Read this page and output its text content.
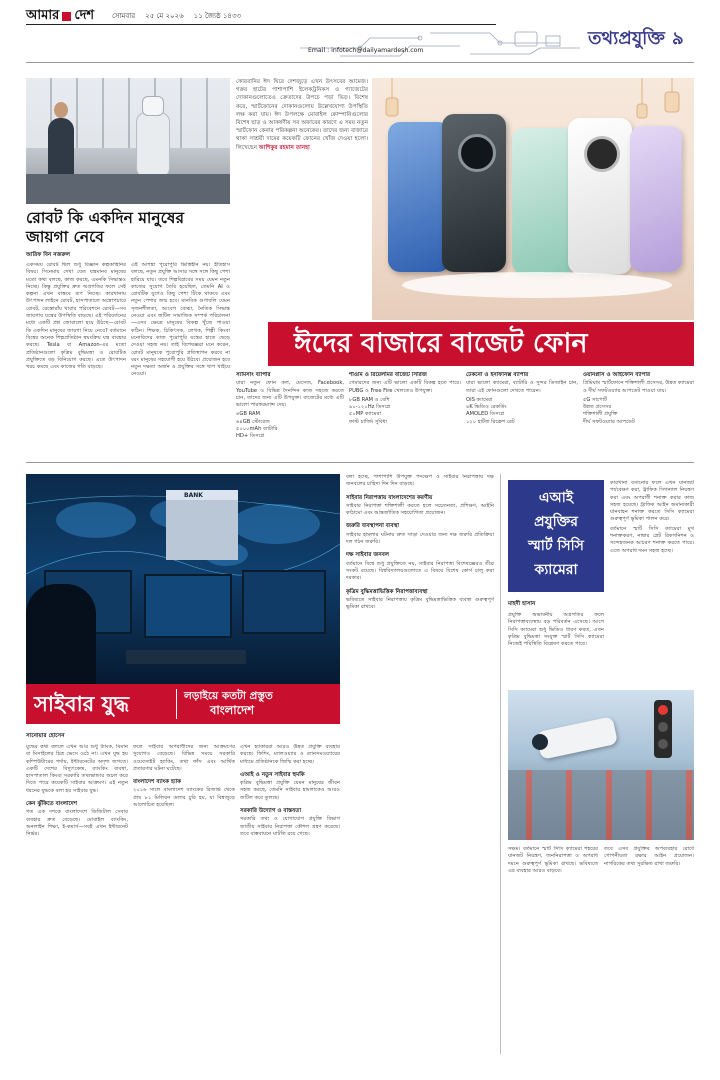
আমার দেশ	সোমবার ২৫ মে ২০২৬ ১১ জ্যৈষ্ঠ ১৪৩৩
Email : infotech@dailyamardesh.com
তথ্যপ্রযুক্তি ৯
রোবট কি একদিন মানুষের জায়গা নেবে
আরিফ বিন নজরুল
একসময় রোবট ছিল শুধু বিজ্ঞান কল্পকাহিনির বিষয়। সিনেমায় দেখা যেত যন্ত্রমানব মানুষের মতো কথা বলছে, কাজ করছে, এমনকি সিদ্ধান্তও নিচ্ছে। কিন্তু প্রযুক্তির দ্রুত অগ্রগতির ফলে সেই কল্পনা এখন বাস্তবে রূপ নিচ্ছে। কারখানায় উৎপাদন লাইনে রোবট, হাসপাতালে অস্ত্রোপচারে রোবট, রেস্তোরাঁয় খাবার পরিবেশনে রোবট—সব জায়গায় যন্ত্রের উপস্থিতি বাড়ছে। এই পরিবর্তনের মধ্যে একটি প্রশ্ন জোরালো হয়ে উঠছে—রোবট কি একদিন মানুষের জায়গা নিয়ে নেবে? বর্তমানে বিশ্বের অনেক শিল্পপ্রতিষ্ঠান স্বয়ংক্রিয় যন্ত্র ব্যবহার করছে। Tesla বা Amazon-এর মতো প্রতিষ্ঠানগুলো কৃত্রিম বুদ্ধিমত্তা ও রোবটিক প্রযুক্তিতে বড় বিনিয়োগ করছে। এতে উৎপাদন খরচ কমছে এবং কাজের গতি বাড়ছে।
এই আশঙ্কা পুরোপুরি ভিত্তিহীন নয়। ইতিহাস বলছে, নতুন প্রযুক্তি আসার সঙ্গে সঙ্গে কিছু পেশা হারিয়ে যায়। তবে শিল্পবিপ্লবের সময় যেমন নতুন কাজের সুযোগ তৈরি হয়েছিল, তেমনি AI ও রোবটিক যুগেও কিছু পেশা টিকে থাকবে এবং নতুন পেশার জন্ম হবে। মানবিক গুণাবলি যেমন সৃজনশীলতা, আবেগ বোঝা, নৈতিক সিদ্ধান্ত নেওয়া এবং জটিল সামাজিক সম্পর্ক পরিচালনা—এসব ক্ষেত্রে মানুষের বিকল্প খুঁজে পাওয়া কঠিন। শিক্ষক, চিকিৎসক, লেখক, শিল্পী কিংবা মনোবিদের কাজ পুরোপুরি যন্ত্রের হাতে ছেড়ে দেওয়া সহজ নয়। তাই বিশেষজ্ঞরা মনে করেন, রোবট মানুষকে পুরোপুরি প্রতিস্থাপন করবে না বরং মানুষের সহযোগী হয়ে উঠবে। প্রয়োজন হবে নতুন দক্ষতা অর্জন ও প্রযুক্তির সঙ্গে খাপ খাইয়ে নেওয়া।
কোরবানির ঈদ ঘিরে দেশজুড়ে এখন উৎসবের আমেজ। গরুর হাটের পাশাপাশি ইলেকট্রনিকস ও গ্যাজেটের দোকানগুলোতেও ক্রেতাদের উপচে পড়া ভিড়। বিশেষ করে, স্মার্টফোনের দোকানগুলোয় উল্লেখযোগ্য উপস্থিতি লক্ষ করা যায়। ঈদ উপলক্ষে মোবাইল কোম্পানিগুলোর বিশেষ ছাড় ও আকর্ষণীয় সব অফারের কারণে এ সময় নতুন স্মার্টফোন কেনার পরিকল্পনা অনেকের। তাদের জন্য বাজারে থাকা সাশ্রয়ী দামের কয়েকটি ফোনের খোঁজ দেওয়া হলো। লিখেছেন আশিকুর রহমান তানহা
ঈদের বাজারে বাজেট ফোন

স্যামসাং ব্যাপার

যারা নতুন ফোন কল, মেসেজ, Facebook, YouTube ও বিভিন্ন দৈনন্দিন কাজ সহজে করতে চান, তাদের জন্য এটি উপযুক্ত। বাজেটের মধ্যে এটি ভালো পারফরম্যান্স দেয়।

৪GB RAM

৬৪GB স্টোরেজ

৫০০০mAh ব্যাটারি

HD+ ডিসপ্লে

শাওমি ও রিয়েলমির বাজেট সিরিজ

গেমারদের জন্য এটি ভালো একটি বিকল্প হতে পারে। PUBG ও Free Fire খেলতেও উপযুক্ত।

৮GB RAM ও বেশি

৯০-১২০Hz ডিসপ্লে

৫০MP ক্যামেরা

ফাস্ট চার্জিং সুবিধা

টেকনো ও ইনফিনিক্স ব্যাপার

যারা ভালো ক্যামেরা, ব্যাটারি ও সুন্দর ডিজাইন চান, তারা এই ফোনগুলো দেখতে পারেন।

OIS ক্যামেরা

৪K ভিডিও রেকর্ডিং

AMOLED ডিসপ্লে

১২০ হার্টজ রিফ্রেশ রেট

ওয়ানপ্লাস ও আইফোন ব্যাপার

প্রিমিয়াম স্মার্টফোনে শক্তিশালী প্রসেসর, উন্নত ক্যামেরা ও দীর্ঘ সফটওয়্যার আপডেট পাওয়া যায়।

৫G সাপোর্ট

উন্নত প্রসেসর

শক্তিশালী প্রযুক্তি

দীর্ঘ সফটওয়্যার আপডেট

BANK
সাইবার যুদ্ধ	লড়াইয়ে কতটা প্রস্তুত
বাংলাদেশ
সানোয়ার হোসেন

যুদ্ধের কথা বললে এখন আর শুধু ট্যাংক, বিমান বা মিসাইলের চিত্র ভেসে ওঠে না। এখন যুদ্ধ হয় কম্পিউটারের পর্দায়, ইন্টারনেটের অদৃশ্য জগতে। একটি দেশের বিদ্যুৎকেন্দ্র, ব্যাংকিং ব্যবস্থা, হাসপাতাল কিংবা সরকারি তথ্যভান্ডার অচল করে দিতে পারে কয়েকটি সাইবার আক্রমণ। এই নতুন ধরনের যুদ্ধকে বলা হয় সাইবার যুদ্ধ।

কেন ঝুঁকিতে বাংলাদেশ

গত এক দশকে বাংলাদেশে ডিজিটাল সেবার ব্যবহার দ্রুত বেড়েছে। মোবাইল ব্যাংকিং, অনলাইন শিক্ষা, ই-কমার্স—সবই এখন ইন্টারনেট নির্ভর।

ফলে সাইবার অপরাধীদের জন্য আক্রমণের সুযোগও বেড়েছে। বিভিন্ন সময়ে সরকারি ওয়েবসাইট হ্যাকিং, তথ্য ফাঁস এবং আর্থিক প্রতারণার ঘটনা ঘটেছে।

বাংলাদেশ ব্যাংক হ্যাক

২০১৬ সালে বাংলাদেশ ব্যাংকের রিজার্ভ থেকে প্রায় ৮১ মিলিয়ন ডলার চুরি হয়, যা বিশ্বজুড়ে আলোচিত হয়েছিল।

এখন হ্যাকাররা আরও উন্নত প্রযুক্তি ব্যবহার করছে। ফিশিং, ম্যালওয়্যার ও র‍্যানসমওয়্যারের মাধ্যমে প্রতিষ্ঠানকে জিম্মি করা হচ্ছে।

এআই ও নতুন সাইবার হুমকি

কৃত্রিম বুদ্ধিমত্তা প্রযুক্তি যেমন মানুষের জীবন সহজ করছে, তেমনি সাইবার হামলাকেও আরও জটিল করে তুলছে।

সরকারি উদ্যোগ ও বাস্তবতা

সরকারি তথ্য ও যোগাযোগ প্রযুক্তি বিভাগ জাতীয় সাইবার নিরাপত্তা কৌশল গ্রহণ করেছে। তবে বাস্তবায়নে ঘাটতি রয়ে গেছে।

বলা হচ্ছে, পাশাপাশি উপযুক্ত পদক্ষেপ ও সাইবার নিরাপত্তায় দক্ষ জনবলের চাহিদা দিন দিন বাড়ছে।

সাইবার নিরাপত্তায় বাংলাদেশের করণীয়

সাইবার নিরাপত্তা শক্তিশালী করতে হলে সচেতনতা, প্রশিক্ষণ, আইনি কাঠামো এবং আন্তর্জাতিক সহযোগিতা প্রয়োজন।

জরুরি ব্যবস্থাপনা ব্যবস্থা

সাইবার হামলার ঘটনায় দ্রুত সাড়া দেওয়ার জন্য দক্ষ জরুরি প্রতিক্রিয়া দল গঠন জরুরি।

দক্ষ সাইবার জনবল

বর্তমানে বিশ্বে শুধু প্রযুক্তিতে নয়, সাইবার নিরাপত্তা বিশেষজ্ঞেরও তীব্র সংকট রয়েছে। বিশ্ববিদ্যালয়গুলোতে এ বিষয়ে বিশেষ কোর্স চালু করা দরকার।

কৃত্রিম বুদ্ধিমত্তাভিত্তিক নিরাপত্তাব্যবস্থা

ভবিষ্যতে সাইবার নিরাপত্তায় কৃত্রিম বুদ্ধিমত্তাভিত্তিক ব্যবস্থা গুরুত্বপূর্ণ ভূমিকা রাখবে।

এআই
প্রযুক্তির
স্মার্ট সিসি
ক্যামেরা
মাহদী হাসান
প্রযুক্তি অভাবনীয় অগ্রগতির ফলে নিরাপত্তাব্যবস্থায় বড় পরিবর্তন এসেছে। আগে সিসি ক্যামেরা শুধু ভিডিও ধারণ করত, এখন কৃত্রিম বুদ্ধিমত্তা সংযুক্ত স্মার্ট সিসি ক্যামেরা নিজেই পরিস্থিতি বিশ্লেষণ করতে পারে।

কারখানা বসানোর ফলে এখন যানজট পর্যবেক্ষণ করা, ট্রাফিক সিগন্যাল নিয়ন্ত্রণ করা এবং অপরাধী শনাক্ত করার কাজ সহজ হয়েছে। ট্রাফিক আইন অমান্যকারী যানবাহন শনাক্ত করতে সিসি ক্যামেরা গুরুত্বপূর্ণ ভূমিকা পালন করে।

বর্তমানে স্মার্ট সিসি ক্যামেরা মুখ শনাক্তকরণ, নাম্বার প্লেট রিকগনিশন ও সন্দেহজনক আচরণ শনাক্ত করতে পারে। এতে অপরাধ দমন সহজ হচ্ছে।

সক্ষম। বর্তমানে স্মার্ট সিসি ক্যামেরা শহরের যানজট নিয়ন্ত্রণ, জননিরাপত্তা ও অপরাধ দমনে গুরুত্বপূর্ণ ভূমিকা রাখছে। ভবিষ্যতে এর ব্যবহার আরও বাড়বে।
তবে এসব প্রযুক্তির অপব্যবহার রোধে গোপনীয়তা রক্ষার আইন প্রয়োজন। নাগরিকের তথ্য সুরক্ষিত রাখা জরুরি।
